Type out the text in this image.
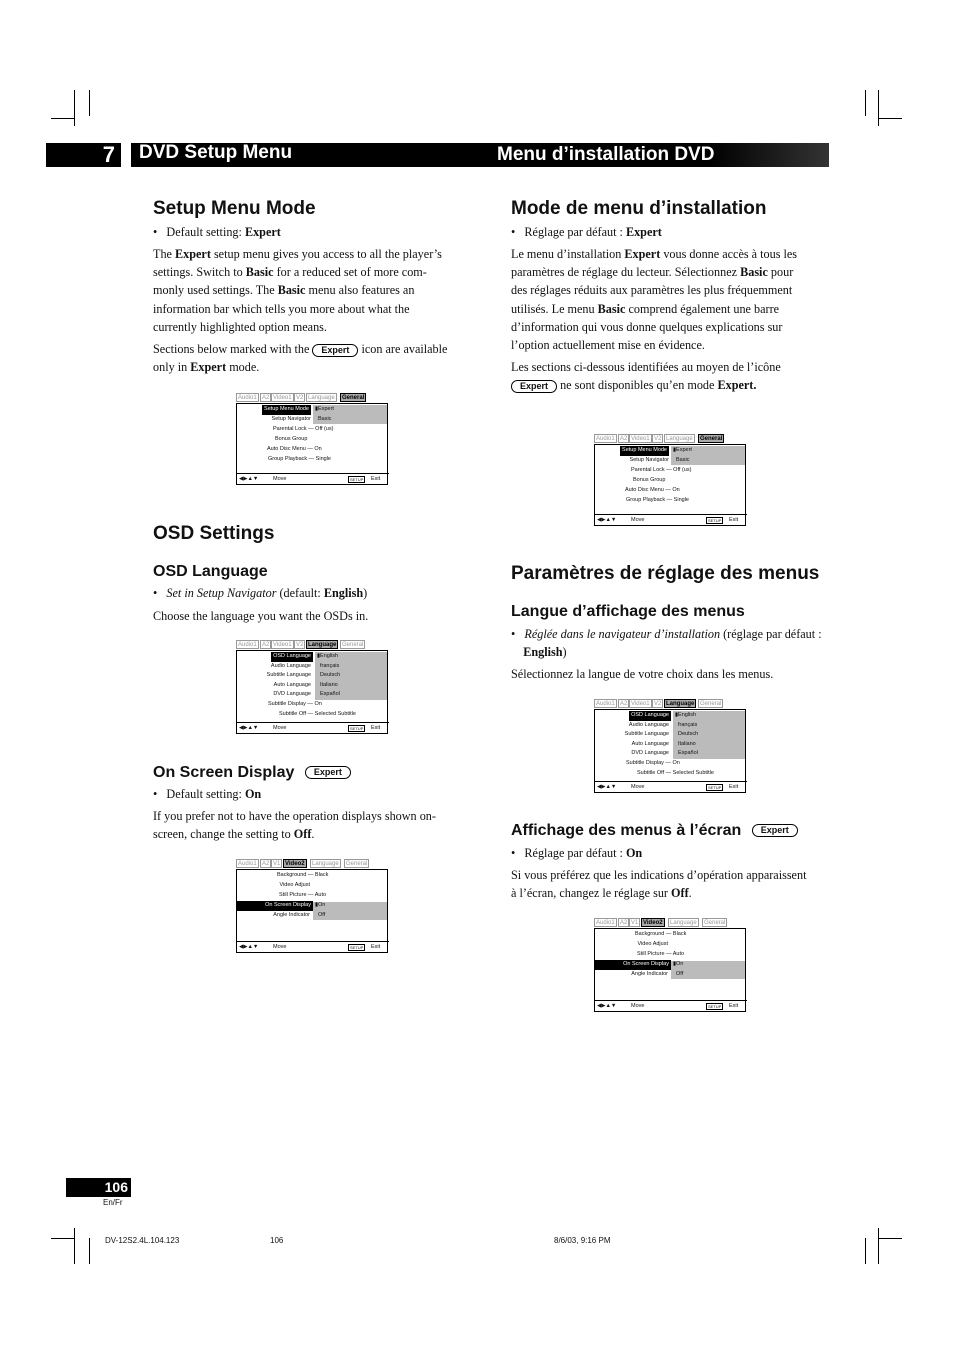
7	DVD Setup Menu	Menu d’installation DVD
Setup Menu Mode
•   Default setting: Expert
The Expert setup menu gives you access to all the player’s
settings. Switch to Basic for a reduced set of more com-
monly used settings. The Basic menu also features an
information bar which tells you more about what the
currently highlighted option means.
Sections below marked with the Expert icon are available
only in Expert mode.
Audio1 A2 Video1 V2 Language	General
Setup Menu Mode	▮Expert
Setup Navigator Basic
Parental Lock — Off (us)
Bonus Group
Auto Disc Menu — On
Group Playback — Single
◀▶▲▼	Move	SETUP	Exit
OSD Settings
OSD Language
•   Set in Setup Navigator (default: English)
Choose the language you want the OSDs in.
Audio1 A2 Video1 V2 Language General
OSD Language	▮English
Audio Language français
Subtitle Language Deutsch
Auto Language Italiano
DVD Language Español
Subtitle Display — On
Subtitle Off — Selected Subtitle
◀▶▲▼	Move	SETUP	Exit
On Screen Display Expert
•   Default setting: On
If you prefer not to have the operation displays shown on-
screen, change the setting to Off.
Audio1 A2 V1 Video2	Language	General
Background — Black
Video Adjust
Still Picture — Auto
On Screen Display ▮On
Angle Indicator Off
◀▶▲▼	Move	SETUP	Exit
Mode de menu d’installation
•   Réglage par défaut : Expert
Le menu d’installation Expert vous donne accès à tous les
paramètres de réglage du lecteur. Sélectionnez Basic pour
des réglages réduits aux paramètres les plus fréquemment
utilisés. Le menu Basic comprend également une barre
d’information qui vous donne quelques explications sur
l’option actuellement mise en évidence.
Les sections ci-dessous identifiées au moyen de l’icône
Expert ne sont disponibles qu’en mode Expert.
Audio1 A2 Video1 V2 Language	General
Setup Menu Mode	▮Expert
Setup Navigator Basic
Parental Lock — Off (us)
Bonus Group
Auto Disc Menu — On
Group Playback — Single
◀▶▲▼	Move	SETUP	Exit
Paramètres de réglage des menus
Langue d’affichage des menus
•   Réglée dans le navigateur d’installation (réglage par défaut :
English)
Sélectionnez la langue de votre choix dans les menus.
Audio1 A2 Video1 V2 Language General
OSD Language	▮English
Audio Language français
Subtitle Language Deutsch
Auto Language Italiano
DVD Language Español
Subtitle Display — On
Subtitle Off — Selected Subtitle
◀▶▲▼	Move	SETUP	Exit
Affichage des menus à l’écran Expert
•   Réglage par défaut : On
Si vous préférez que les indications d’opération apparaissent
à l’écran, changez le réglage sur Off.
Audio1 A2 V1 Video2	Language	General
Background — Black
Video Adjust
Still Picture — Auto
On Screen Display ▮On
Angle Indicator Off
◀▶▲▼	Move	SETUP	Exit
106
En/Fr
DV-12S2.4L.104.123	106	8/6/03, 9:16 PM
